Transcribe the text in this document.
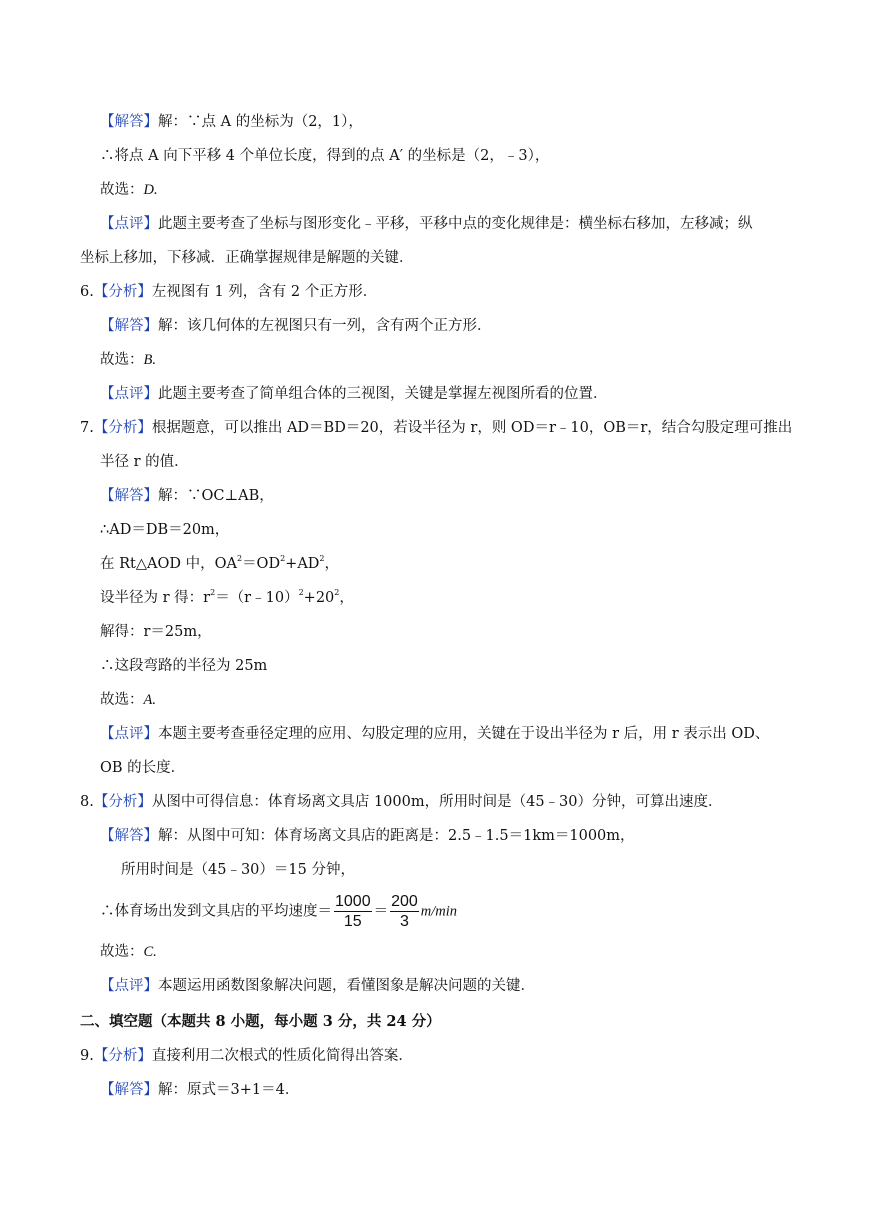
【解答】解：∵点 A 的坐标为（2，1），
∴将点 A 向下平移 4 个单位长度，得到的点 A′ 的坐标是（2，﹣3），
故选：D.
【点评】此题主要考查了坐标与图形变化﹣平移，平移中点的变化规律是：横坐标右移加，左移减；纵
坐标上移加，下移减．正确掌握规律是解题的关键．
6.【分析】左视图有 1 列，含有 2 个正方形．
【解答】解：该几何体的左视图只有一列，含有两个正方形．
故选：B.
【点评】此题主要考查了简单组合体的三视图，关键是掌握左视图所看的位置．
7.【分析】根据题意，可以推出 AD＝BD＝20，若设半径为 r，则 OD＝r﹣10，OB＝r，结合勾股定理可推出
半径 r 的值．
【解答】解：∵OC⊥AB，
∴AD＝DB＝20m，
在 Rt△AOD 中，$OA^2=OD^2+AD^2$，
设半径为 r 得：$r^2=(r﹣10)^2+20^2$，
解得：r＝25m，
∴这段弯路的半径为 25m
故选：A.
【点评】本题主要考查垂径定理的应用、勾股定理的应用，关键在于设出半径为 r 后，用 r 表示出 OD、
OB 的长度．
8.【分析】从图中可得信息：体育场离文具店 1000m，所用时间是（45﹣30）分钟，可算出速度．
【解答】解：从图中可知：体育场离文具店的距离是：2.5﹣1.5＝1km＝1000m，
所用时间是（45﹣30）＝15 分钟，
∴体育场出发到文具店的平均速度＝ $\frac{1000}{15} = \frac{200}{3} m/\min$
故选：C.
【点评】本题运用函数图象解决问题，看懂图象是解决问题的关键．
二、填空题（本题共 8 小题，每小题 3 分，共 24 分）
9.【分析】直接利用二次根式的性质化简得出答案．
【解答】解：原式＝3+1＝4．
